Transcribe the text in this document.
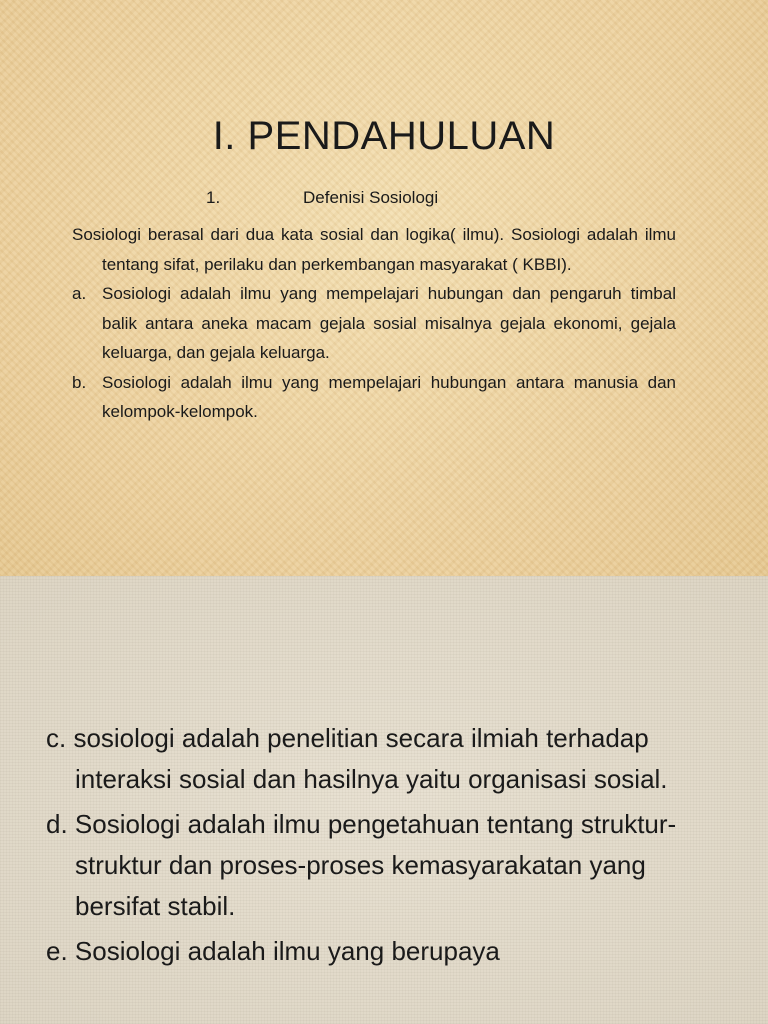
I. PENDAHULUAN
1.	Defenisi Sosiologi

Sosiologi berasal dari dua kata sosial dan logika( ilmu). Sosiologi adalah ilmu tentang sifat, perilaku dan perkembangan masyarakat ( KBBI).

a. Sosiologi adalah ilmu yang mempelajari hubungan dan pengaruh timbal balik antara aneka macam gejala sosial misalnya gejala ekonomi, gejala keluarga, dan gejala keluarga.

b. Sosiologi adalah ilmu yang mempelajari hubungan antara manusia dan kelompok-kelompok.

c. sosiologi adalah penelitian secara ilmiah terhadap interaksi sosial dan hasilnya yaitu organisasi sosial.

d. Sosiologi adalah ilmu pengetahuan tentang struktur-struktur dan proses-proses kemasyarakatan yang bersifat stabil.

e. Sosiologi adalah ilmu yang berupaya
